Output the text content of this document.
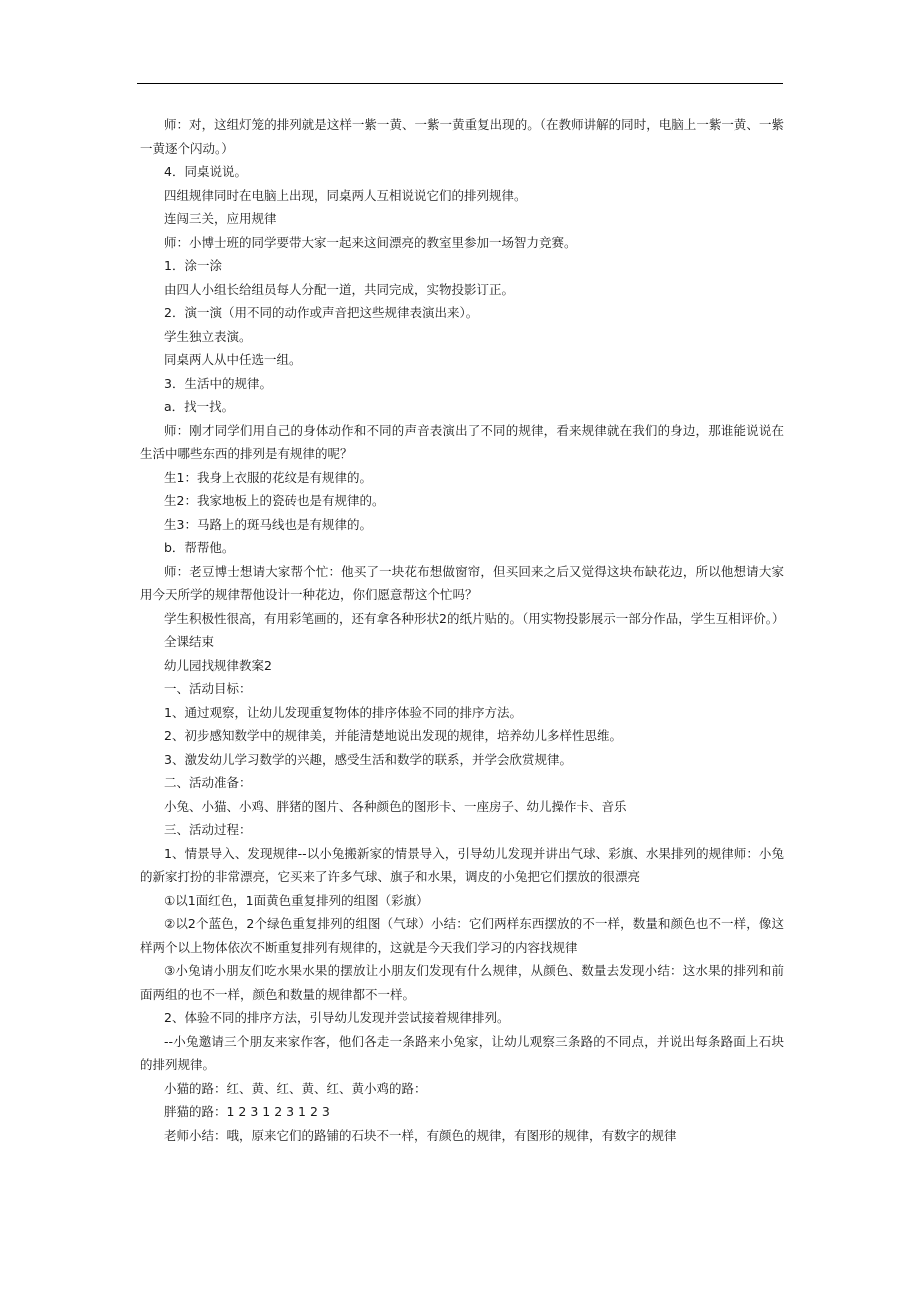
师：对，这组灯笼的排列就是这样一紫一黄、一紫一黄重复出现的。（在教师讲解的同时，电脑上一紫一黄、一紫一黄逐个闪动。）

4．同桌说说。

四组规律同时在电脑上出现，同桌两人互相说说它们的排列规律。

连闯三关，应用规律

师：小博士班的同学要带大家一起来这间漂亮的教室里参加一场智力竞赛。

1．涂一涂

由四人小组长给组员每人分配一道，共同完成，实物投影订正。

2．演一演（用不同的动作或声音把这些规律表演出来）。

学生独立表演。

同桌两人从中任选一组。

3．生活中的规律。

a．找一找。

师：刚才同学们用自己的身体动作和不同的声音表演出了不同的规律，看来规律就在我们的身边，那谁能说说在生活中哪些东西的排列是有规律的呢？

生1：我身上衣服的花纹是有规律的。

生2：我家地板上的瓷砖也是有规律的。

生3：马路上的斑马线也是有规律的。

b．帮帮他。

师：老豆博士想请大家帮个忙：他买了一块花布想做窗帘，但买回来之后又觉得这块布缺花边，所以他想请大家用今天所学的规律帮他设计一种花边，你们愿意帮这个忙吗？

学生积极性很高，有用彩笔画的，还有拿各种形状2的纸片贴的。（用实物投影展示一部分作品，学生互相评价。）

全课结束

幼儿园找规律教案2

一、活动目标：

1、通过观察，让幼儿发现重复物体的排序体验不同的排序方法。

2、初步感知数学中的规律美，并能清楚地说出发现的规律，培养幼儿多样性思维。

3、激发幼儿学习数学的兴趣，感受生活和数学的联系，并学会欣赏规律。

二、活动准备：

小兔、小猫、小鸡、胖猪的图片、各种颜色的图形卡、一座房子、幼儿操作卡、音乐

三、活动过程：

1、情景导入、发现规律--以小兔搬新家的情景导入，引导幼儿发现并讲出气球、彩旗、水果排列的规律师：小兔的新家打扮的非常漂亮，它买来了许多气球、旗子和水果，调皮的小兔把它们摆放的很漂亮

①以1面红色，1面黄色重复排列的组图（彩旗）

②以2个蓝色，2个绿色重复排列的组图（气球）小结：它们两样东西摆放的不一样，数量和颜色也不一样，像这样两个以上物体依次不断重复排列有规律的，这就是今天我们学习的内容找规律

③小兔请小朋友们吃水果水果的摆放让小朋友们发现有什么规律，从颜色、数量去发现小结：这水果的排列和前面两组的也不一样，颜色和数量的规律都不一样。

2、体验不同的排序方法，引导幼儿发现并尝试接着规律排列。

--小兔邀请三个朋友来家作客，他们各走一条路来小兔家，让幼儿观察三条路的不同点，并说出每条路面上石块的排列规律。

小猫的路：红、黄、红、黄、红、黄小鸡的路：

胖猫的路：1 2 3 1 2 3 1 2 3

老师小结：哦，原来它们的路铺的石块不一样，有颜色的规律，有图形的规律，有数字的规律
